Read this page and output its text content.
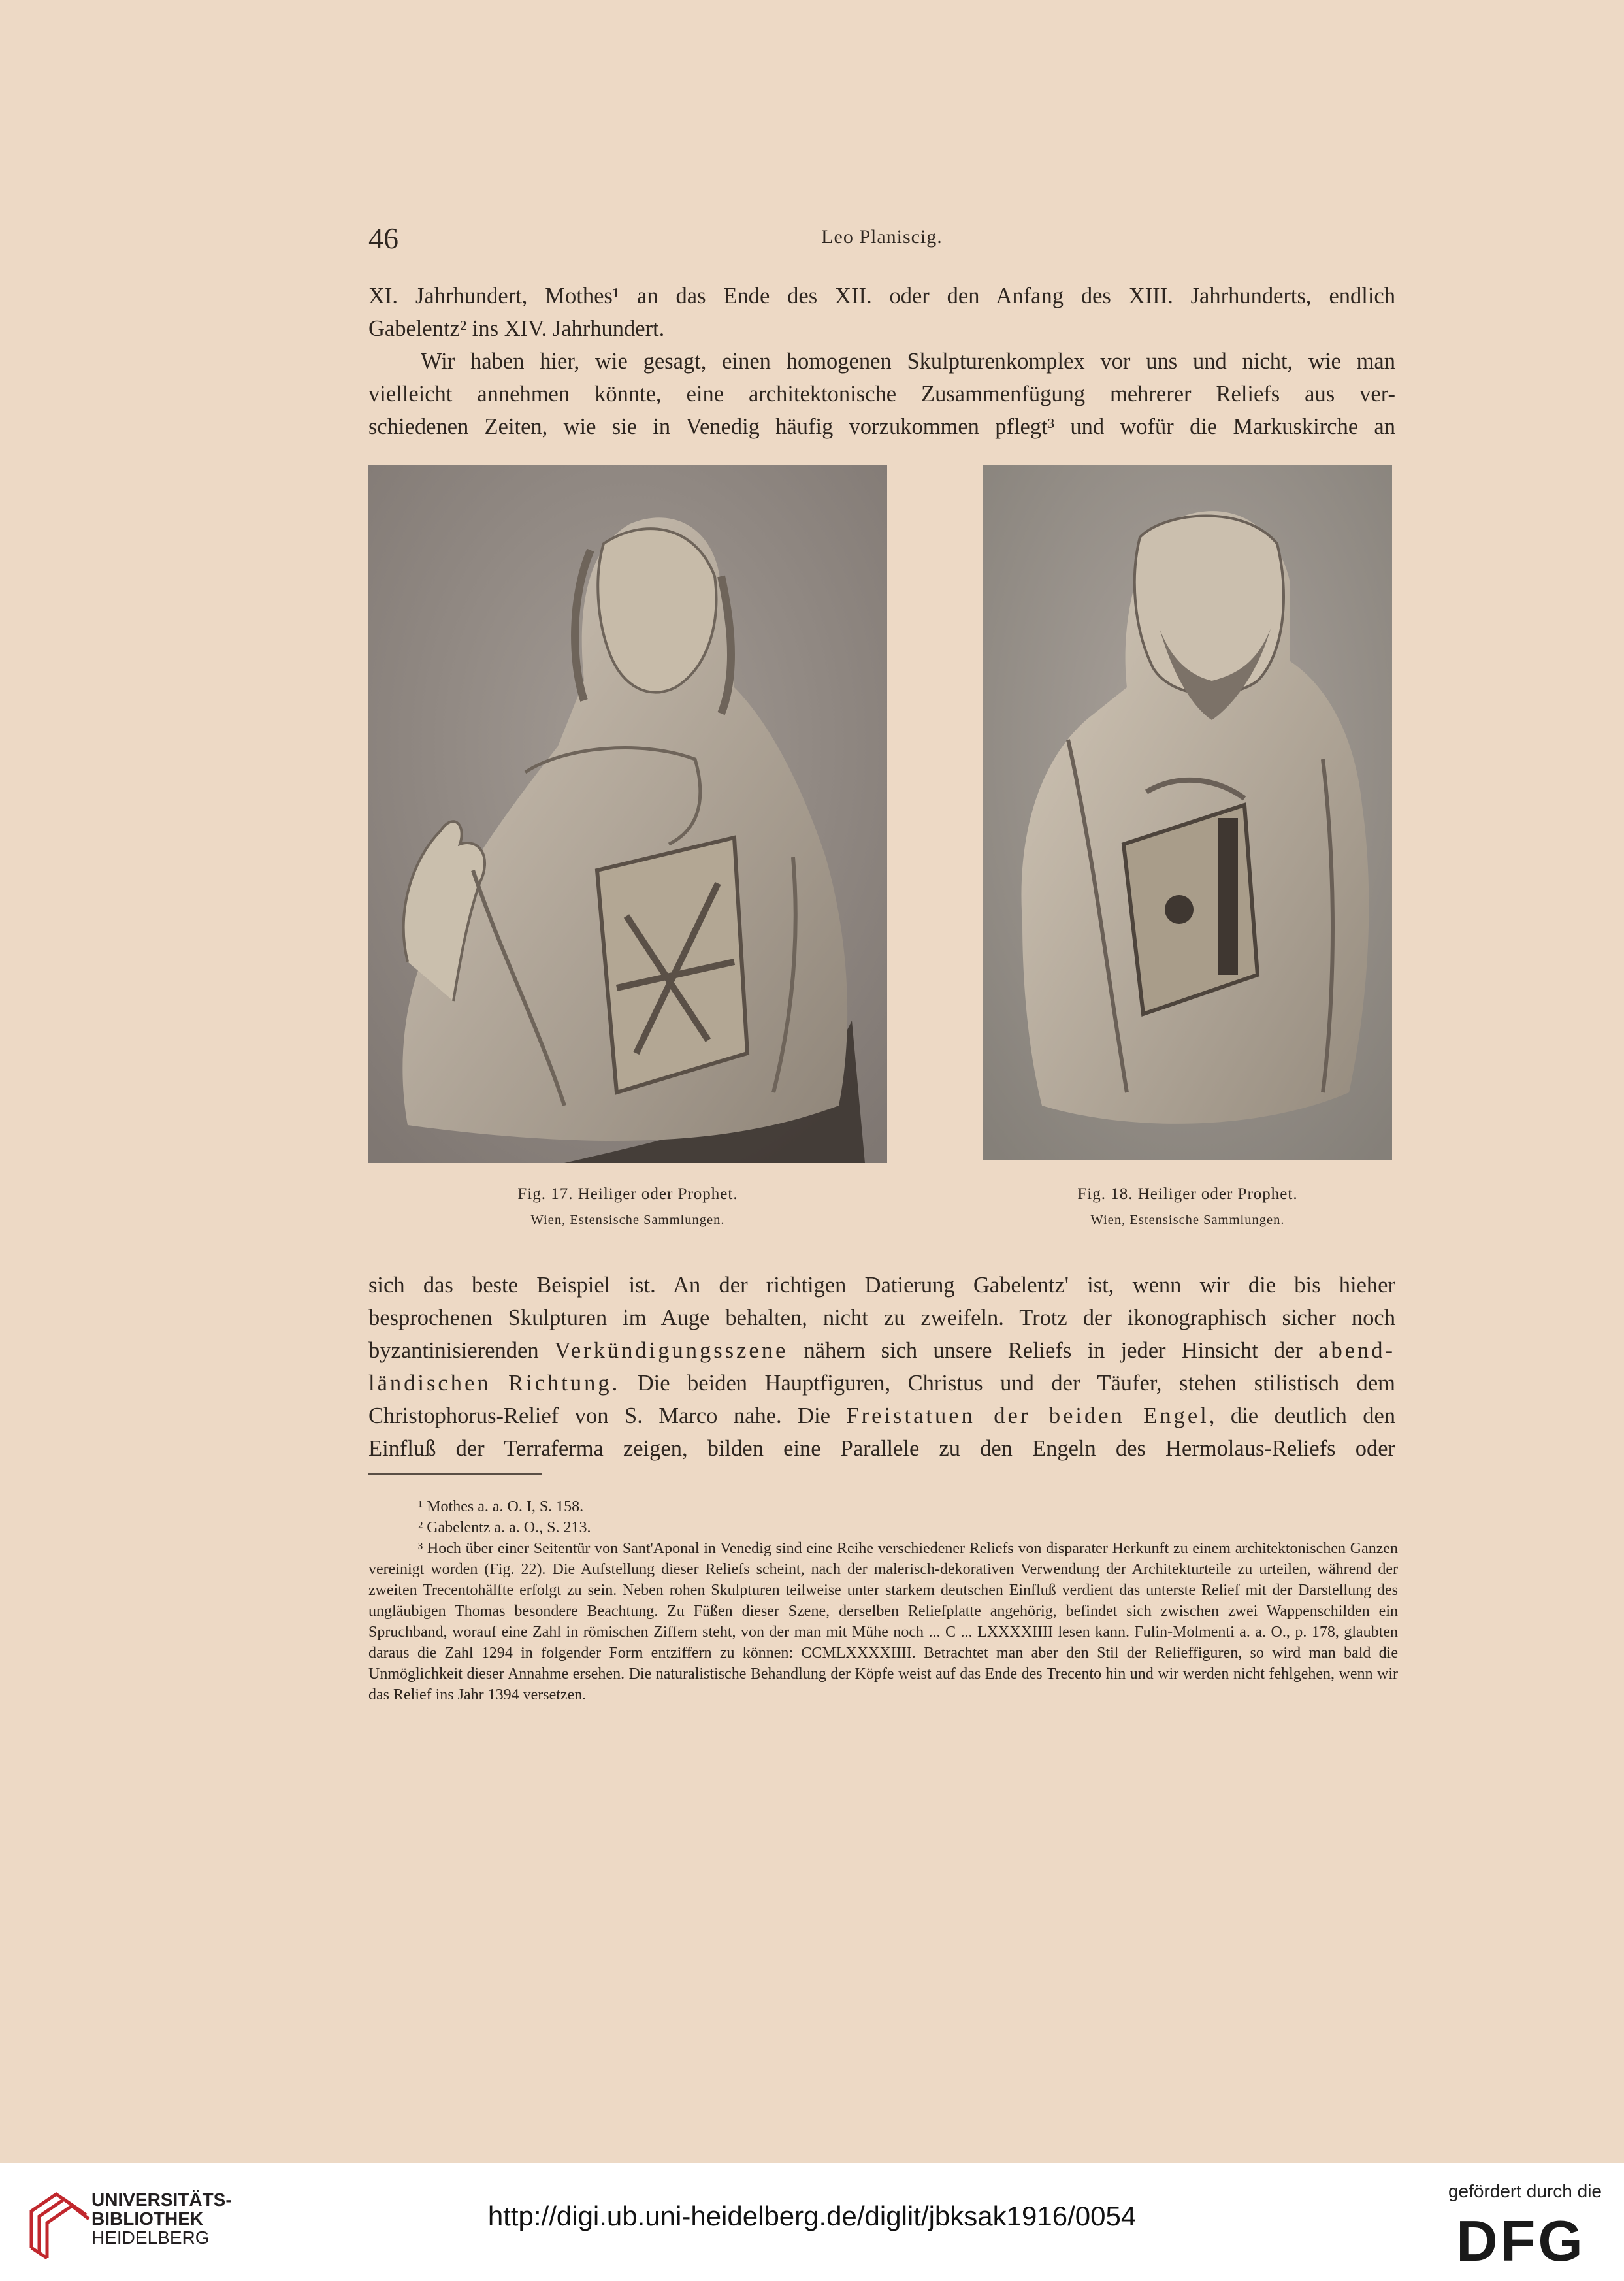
46	Leo Planiscig.

XI. Jahrhundert, Mothes¹ an das Ende des XII. oder den Anfang des XIII. Jahrhunderts, endlich

Gabelentz² ins XIV. Jahrhundert.

Wir haben hier, wie gesagt, einen homogenen Skulpturenkomplex vor uns und nicht, wie man

vielleicht annehmen könnte, eine architektonische Zusammenfügung mehrerer Reliefs aus ver-

schiedenen Zeiten, wie sie in Venedig häufig vorzukommen pflegt³ und wofür die Markuskirche an

Fig. 17. Heiliger oder Prophet.
Wien, Estensische Sammlungen.
Fig. 18. Heiliger oder Prophet.
Wien, Estensische Sammlungen.

sich das beste Beispiel ist. An der richtigen Datierung Gabelentz' ist, wenn wir die bis hieher

besprochenen Skulpturen im Auge behalten, nicht zu zweifeln. Trotz der ikonographisch sicher noch

byzantinisierenden Verkündigungsszene nähern sich unsere Reliefs in jeder Hinsicht der abend-

ländischen Richtung. Die beiden Hauptfiguren, Christus und der Täufer, stehen stilistisch dem

Christophorus-Relief von S. Marco nahe. Die Freistatuen der beiden Engel, die deutlich den

Einfluß der Terraferma zeigen, bilden eine Parallele zu den Engeln des Hermolaus-Reliefs oder

¹ Mothes a. a. O. I, S. 158.

² Gabelentz a. a. O., S. 213.

³ Hoch über einer Seitentür von Sant'Aponal in Venedig sind eine Reihe verschiedener Reliefs von disparater Herkunft zu einem architektonischen Ganzen vereinigt worden (Fig. 22). Die Aufstellung dieser Reliefs scheint, nach der malerisch-dekorativen Verwendung der Architekturteile zu urteilen, während der zweiten Trecentohälfte erfolgt zu sein. Neben rohen Skulpturen teilweise unter starkem deutschen Einfluß verdient das unterste Relief mit der Darstellung des ungläubigen Thomas besondere Beachtung. Zu Füßen dieser Szene, derselben Reliefplatte angehörig, befindet sich zwischen zwei Wappenschilden ein Spruchband, worauf eine Zahl in römischen Ziffern steht, von der man mit Mühe noch ... C ... LXXXXIIII lesen kann. Fulin-Molmenti a. a. O., p. 178, glaubten daraus die Zahl 1294 in folgender Form entziffern zu können: CCMLXXXXIIII. Betrachtet man aber den Stil der Relieffiguren, so wird man bald die Unmöglichkeit dieser Annahme ersehen. Die naturalistische Behandlung der Köpfe weist auf das Ende des Trecento hin und wir werden nicht fehlgehen, wenn wir das Relief ins Jahr 1394 versetzen.

UNIVERSITÄTS-
BIBLIOTHEK
HEIDELBERG
http://digi.ub.uni-heidelberg.de/diglit/jbksak1916/0054
gefördert durch die
DFG
